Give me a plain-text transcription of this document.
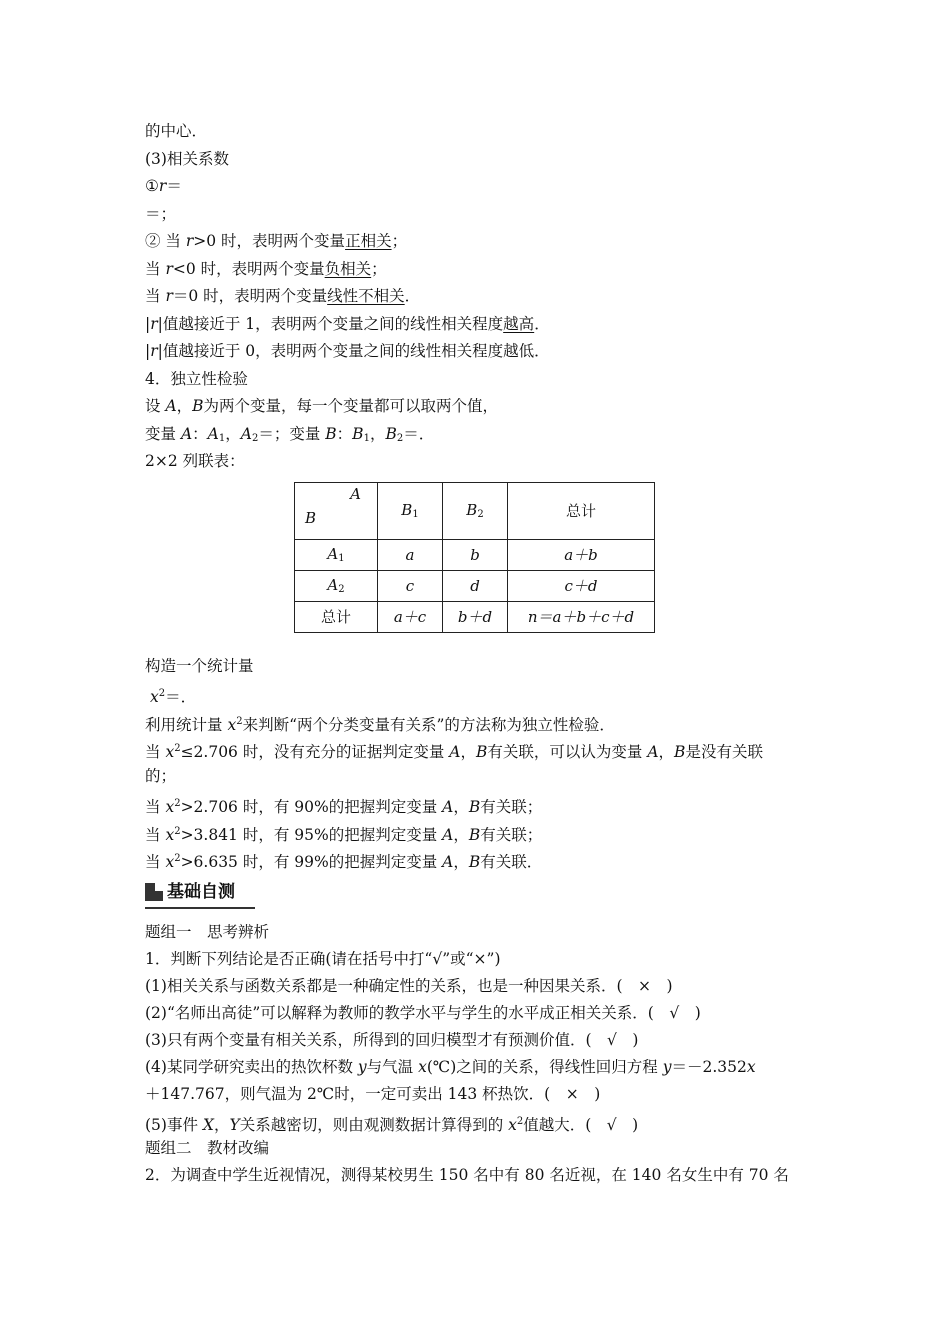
的中心．
(3)相关系数
①r＝
＝；
② 当 r>0 时，表明两个变量正相关；
当 r<0 时，表明两个变量负相关；
当 r＝0 时，表明两个变量线性不相关．
|r|值越接近于 1，表明两个变量之间的线性相关程度越高．
|r|值越接近于 0，表明两个变量之间的线性相关程度越低．
4．独立性检验
设 A，B为两个变量，每一个变量都可以取两个值，
变量 A：$A_1$，$A_2=$；变量 B：$B_1$，$B_2=$．
2×2 列联表：
A
B	$B_1$	$B_2$	总计
$A_1$	a	b	a＋b
$A_2$	c	d	c＋d
总计	a＋c	b＋d	n＝a＋b＋c＋d
构造一个统计量
$x^2=$．
利用统计量 $x^2$来判断“两个分类变量有关系”的方法称为独立性检验．
当 $x^2\le 2.706$ 时，没有充分的证据判定变量 A，B有关联，可以认为变量 A，B是没有关联
的；
当 $x^2>2.706$ 时，有 90%的把握判定变量 A，B有关联；
当 $x^2>3.841$ 时，有 95%的把握判定变量 A，B有关联；
当 $x^2>6.635$ 时，有 99%的把握判定变量 A，B有关联．
基础自测
题组一　思考辨析
1．判断下列结论是否正确(请在括号中打“√”或“×”)
(1)相关关系与函数关系都是一种确定性的关系，也是一种因果关系．(　×　)
(2)“名师出高徒”可以解释为教师的教学水平与学生的水平成正相关关系．(　√　)
(3)只有两个变量有相关关系，所得到的回归模型才有预测价值．(　√　)
(4)某同学研究卖出的热饮杯数 y与气温 x(℃)之间的关系，得线性回归方程 y＝－2.352x
＋147.767，则气温为 2℃时，一定可卖出 143 杯热饮．(　×　)
(5)事件 X，Y关系越密切，则由观测数据计算得到的 $x^2$值越大．(　√　)
题组二　教材改编
2．为调查中学生近视情况，测得某校男生 150 名中有 80 名近视，在 140 名女生中有 70 名
